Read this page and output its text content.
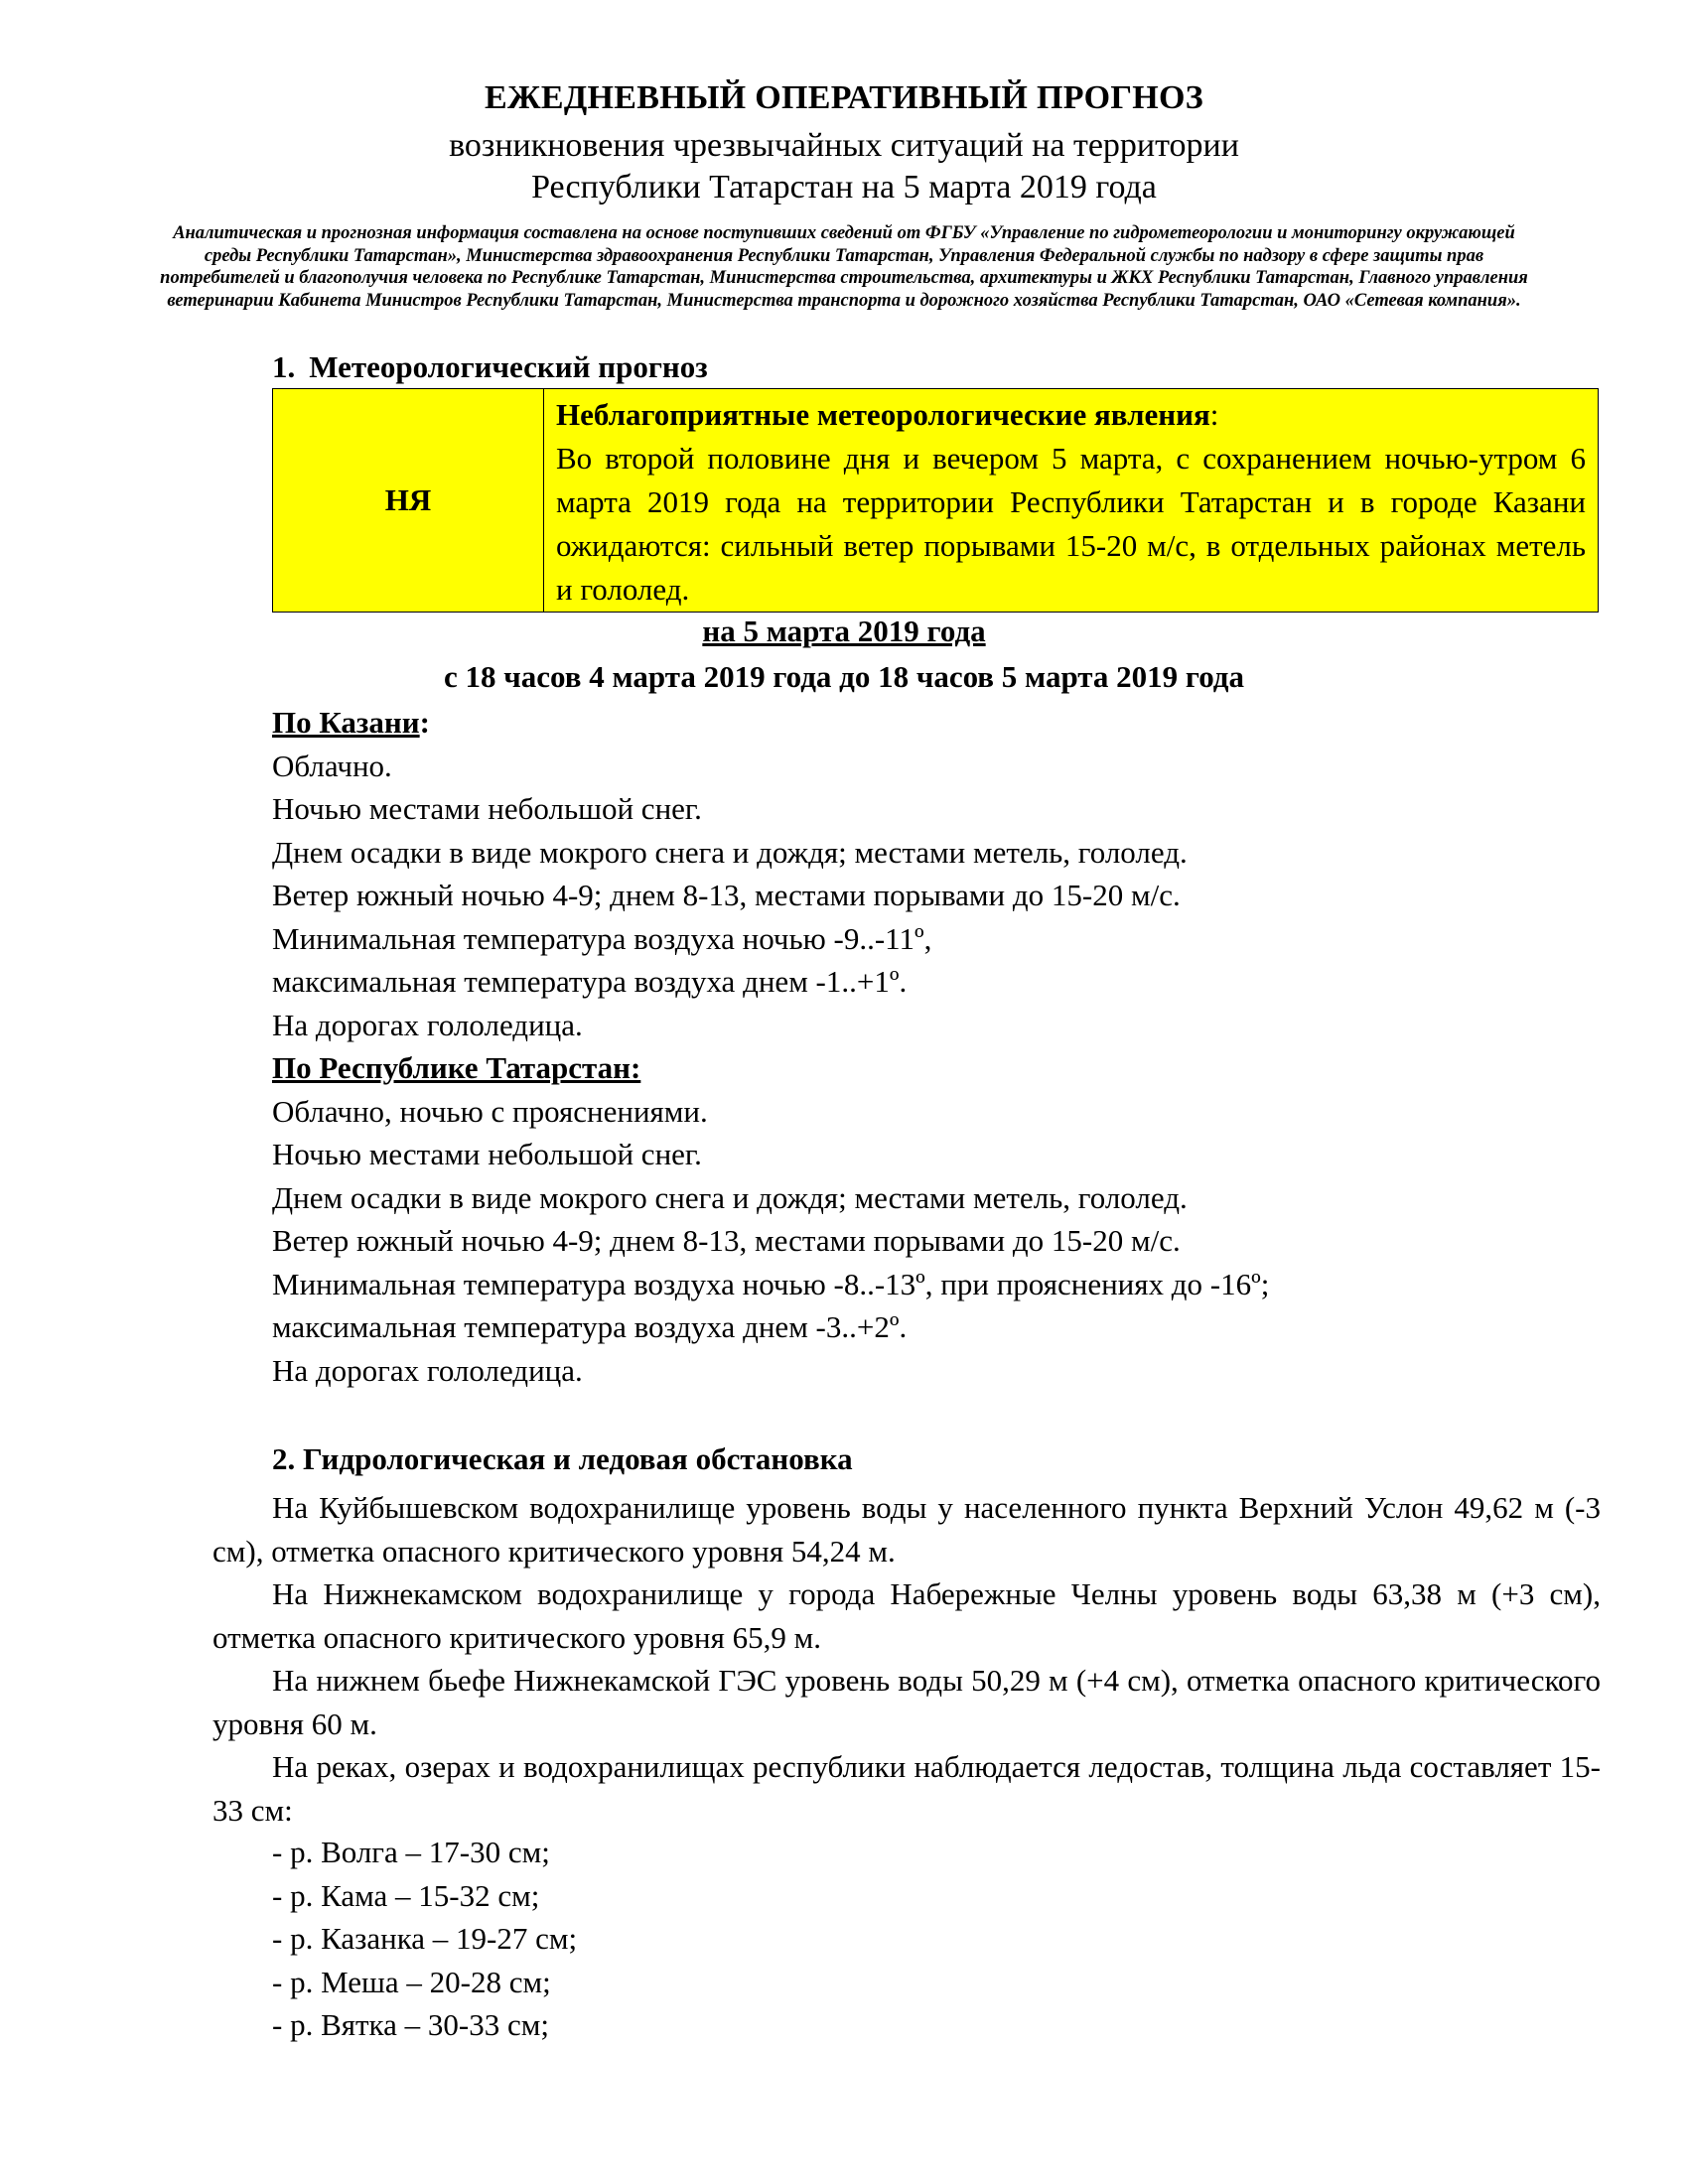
ЕЖЕДНЕВНЫЙ ОПЕРАТИВНЫЙ ПРОГНОЗ
возникновения чрезвычайных ситуаций на территории
Республики Татарстан на 5 марта 2019 года

Аналитическая и прогнозная информация составлена на основе поступивших сведений от ФГБУ «Управление по гидрометеорологии и мониторингу окружающей среды Республики Татарстан», Министерства здравоохранения Республики Татарстан, Управления Федеральной службы по надзору в сфере защиты прав потребителей и благополучия человека по Республике Татарстан, Министерства строительства, архитектуры и ЖКХ Республики Татарстан, Главного управления ветеринарии Кабинета Министров Республики Татарстан, Министерства транспорта и дорожного хозяйства Республики Татарстан, ОАО «Сетевая компания».

1. Метеорологический прогноз
НЯ	Неблагоприятные метеорологические явления:
Во второй половине дня и вечером 5 марта, с сохранением ночью-утром 6 марта 2019 года на территории Республики Татарстан и в городе Казани ожидаются: сильный ветер порывами 15-20 м/с, в отдельных районах метель и гололед.
на 5 марта 2019 года
с 18 часов 4 марта 2019 года до 18 часов 5 марта 2019 года
По Казани:
Облачно.
Ночью местами небольшой снег.
Днем осадки в виде мокрого снега и дождя; местами метель, гололед.
Ветер южный ночью 4-9; днем 8-13, местами порывами до 15-20 м/с.
Минимальная температура воздуха ночью -9..-11º,
максимальная температура воздуха днем -1..+1º.
На дорогах гололедица.
По Республике Татарстан:
Облачно, ночью с прояснениями.
Ночью местами небольшой снег.
Днем осадки в виде мокрого снега и дождя; местами метель, гололед.
Ветер южный ночью 4-9; днем 8-13, местами порывами до 15-20 м/с.
Минимальная температура воздуха ночью -8..-13º, при прояснениях до -16º;
максимальная температура воздуха днем -3..+2º.
На дорогах гололедица.
2. Гидрологическая и ледовая обстановка

На Куйбышевском водохранилище уровень воды у населенного пункта Верхний Услон 49,62 м (-3 см), отметка опасного критического уровня 54,24 м.

На Нижнекамском водохранилище у города Набережные Челны уровень воды 63,38 м (+3 см), отметка опасного критического уровня 65,9 м.

На нижнем бьефе Нижнекамской ГЭС уровень воды 50,29 м (+4 см), отметка опасного критического уровня 60 м.

На реках, озерах и водохранилищах республики наблюдается ледостав, толщина льда составляет 15-33 см:

- р. Волга – 17-30 см;
- р. Кама – 15-32 см;
- р. Казанка – 19-27 см;
- р. Меша – 20-28 см;
- р. Вятка – 30-33 см;
